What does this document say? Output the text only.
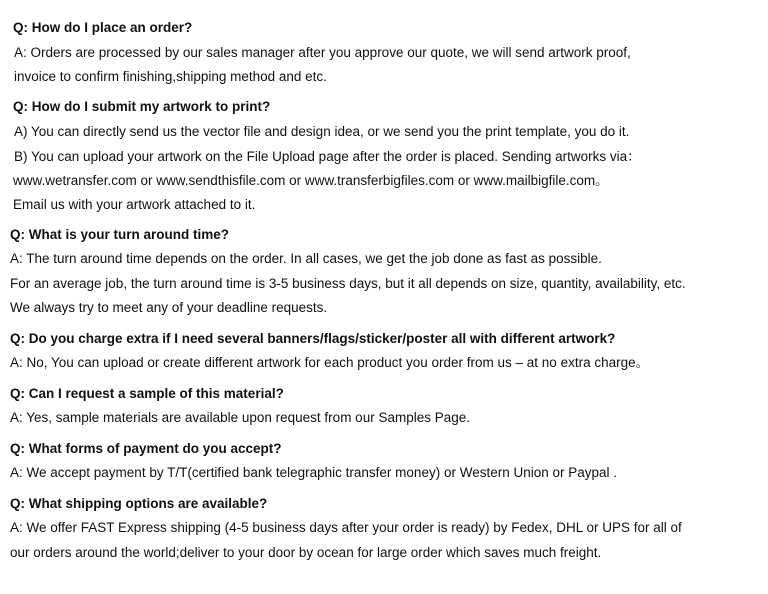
Q: How do I place an order?
A: Orders are processed by our sales manager after you approve our quote, we will send artwork proof,
invoice to confirm finishing,shipping method and etc.
Q: How do I submit my artwork to print?
A) You can directly send us the vector file and design idea, or we send you the print template, you do it.
B) You can upload your artwork on the File Upload page after the order is placed. Sending artworks via：
www.wetransfer.com or www.sendthisfile.com or www.transferbigfiles.com or www.mailbigfile.com。
Email us with your artwork attached to it.
Q: What is your turn around time?
A: The turn around time depends on the order. In all cases, we get the job done as fast as possible.
For an average job, the turn around time is 3-5 business days, but it all depends on size, quantity, availability, etc.
We always try to meet any of your deadline requests.
Q: Do you charge extra if I need several banners/flags/sticker/poster all with different artwork?
A: No, You can upload or create different artwork for each product you order from us – at no extra charge。
Q: Can I request a sample of this material?
A: Yes, sample materials are available upon request from our Samples Page.
Q: What forms of payment do you accept?
A: We accept payment by T/T(certified bank telegraphic transfer money) or Western Union or Paypal .
Q: What shipping options are available?
A: We offer FAST Express shipping (4-5 business days after your order is ready) by Fedex, DHL or UPS for all of
our orders around the world;deliver to your door by ocean for large order which saves much freight.
